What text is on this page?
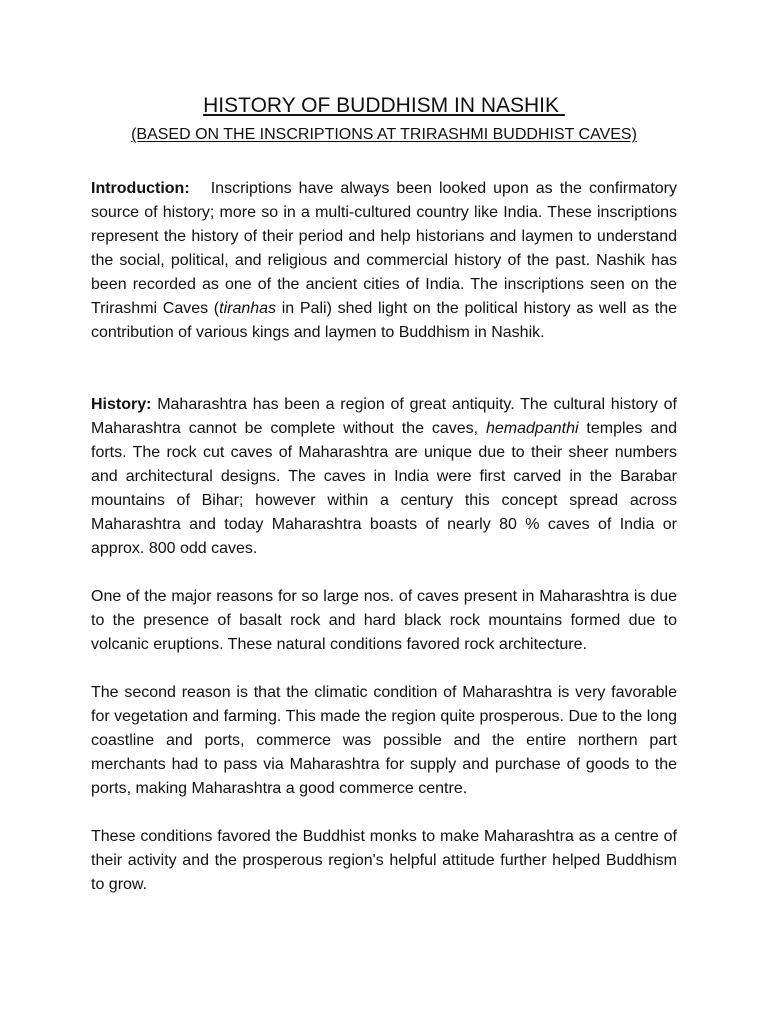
HISTORY OF BUDDHISM IN NASHIK
(BASED ON THE INSCRIPTIONS AT TRIRASHMI BUDDHIST CAVES)

Introduction: Inscriptions have always been looked upon as the confirmatory source of history; more so in a multi-cultured country like India. These inscriptions represent the history of their period and help historians and laymen to understand the social, political, and religious and commercial history of the past. Nashik has been recorded as one of the ancient cities of India. The inscriptions seen on the Trirashmi Caves (tiranhas in Pali) shed light on the political history as well as the contribution of various kings and laymen to Buddhism in Nashik.

History: Maharashtra has been a region of great antiquity. The cultural history of Maharashtra cannot be complete without the caves, hemadpanthi temples and forts. The rock cut caves of Maharashtra are unique due to their sheer numbers and architectural designs. The caves in India were first carved in the Barabar mountains of Bihar; however within a century this concept spread across Maharashtra and today Maharashtra boasts of nearly 80 % caves of India or approx. 800 odd caves.

One of the major reasons for so large nos. of caves present in Maharashtra is due to the presence of basalt rock and hard black rock mountains formed due to volcanic eruptions. These natural conditions favored rock architecture.

The second reason is that the climatic condition of Maharashtra is very favorable for vegetation and farming. This made the region quite prosperous. Due to the long coastline and ports, commerce was possible and the entire northern part merchants had to pass via Maharashtra for supply and purchase of goods to the ports, making Maharashtra a good commerce centre.

These conditions favored the Buddhist monks to make Maharashtra as a centre of their activity and the prosperous region's helpful attitude further helped Buddhism to grow.
